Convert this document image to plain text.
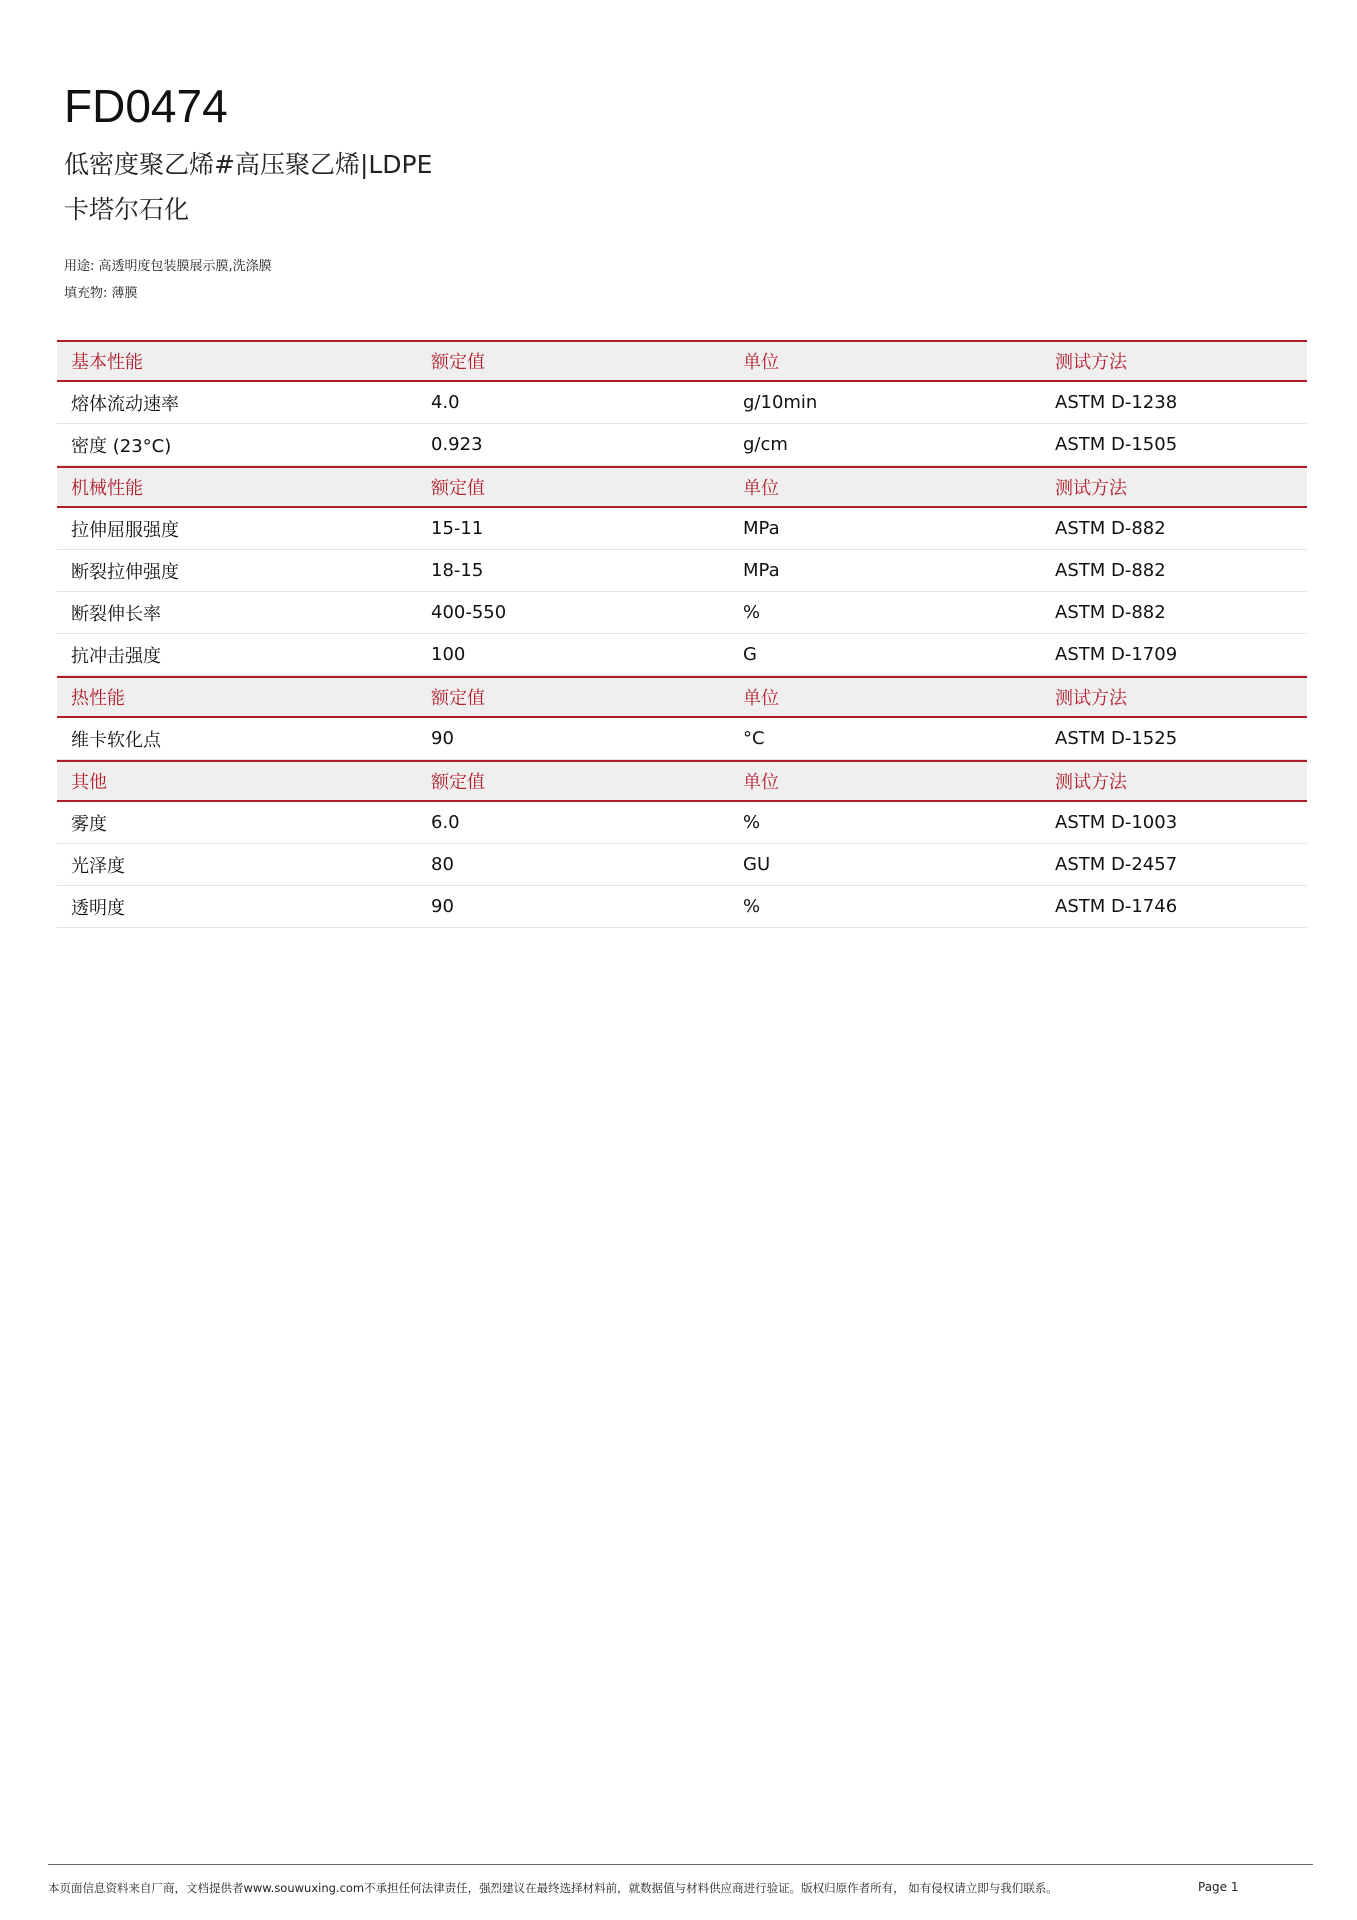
FD0474
低密度聚乙烯#高压聚乙烯|LDPE
卡塔尔石化
用途: 高透明度包装膜展示膜,洗涤膜
填充物: 薄膜
基本性能	额定值	单位	测试方法
熔体流动速率	4.0	g/10min	ASTM D-1238
密度 (23°C)	0.923	g/cm	ASTM D-1505
机械性能	额定值	单位	测试方法
拉伸屈服强度	15-11	MPa	ASTM D-882
断裂拉伸强度	18-15	MPa	ASTM D-882
断裂伸长率	400-550	%	ASTM D-882
抗冲击强度	100	G	ASTM D-1709
热性能	额定值	单位	测试方法
维卡软化点	90	°C	ASTM D-1525
其他	额定值	单位	测试方法
雾度	6.0	%	ASTM D-1003
光泽度	80	GU	ASTM D-2457
透明度	90	%	ASTM D-1746
本页面信息资料来自厂商，文档提供者www.souwuxing.com不承担任何法律责任，强烈建议在最终选择材料前，就数据值与材料供应商进行验证。版权归原作者所有， 如有侵权请立即与我们联系。	Page 1
